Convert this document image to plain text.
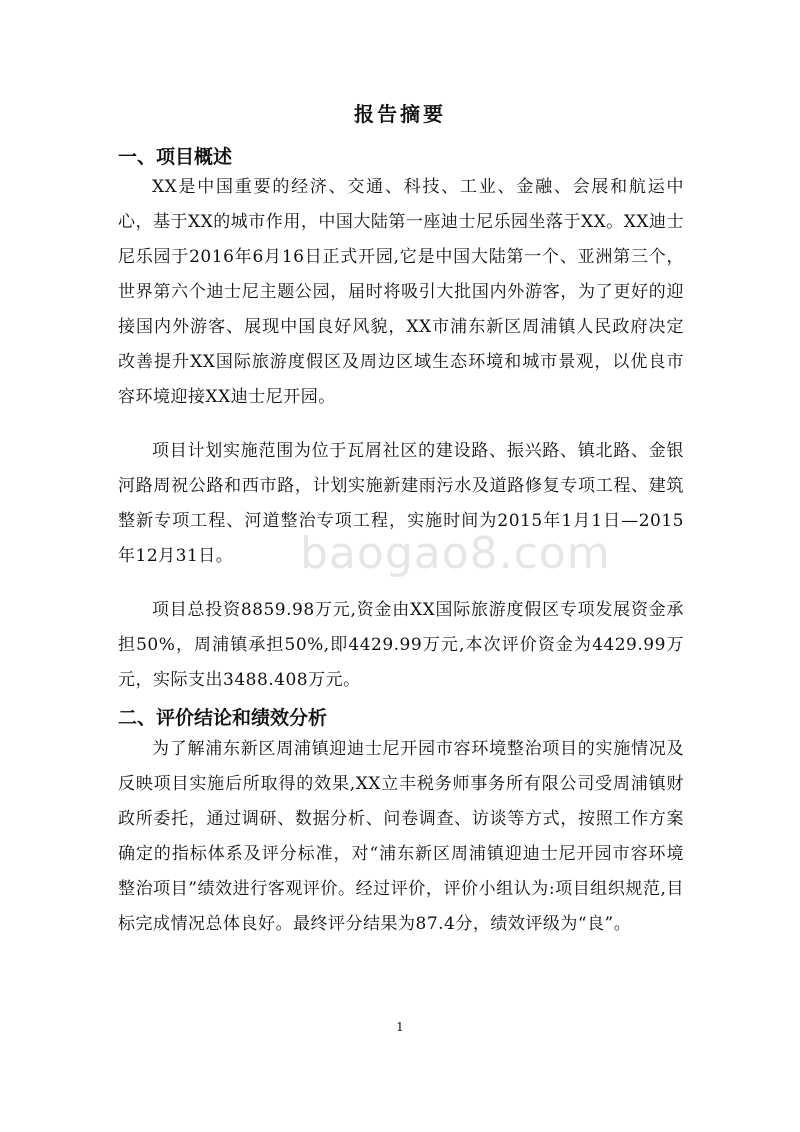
baogao8.com
报告摘要
一、项目概述

XX是中国重要的经济、交通、科技、工业、金融、会展和航运中心，基于XX的城市作用，中国大陆第一座迪士尼乐园坐落于XX。XX迪士尼乐园于2016年6月16日正式开园,它是中国大陆第一个、亚洲第三个，世界第六个迪士尼主题公园，届时将吸引大批国内外游客，为了更好的迎接国内外游客、展现中国良好风貌，XX市浦东新区周浦镇人民政府决定改善提升XX国际旅游度假区及周边区域生态环境和城市景观，以优良市容环境迎接XX迪士尼开园。

项目计划实施范围为位于瓦屑社区的建设路、振兴路、镇北路、金银河路周祝公路和西市路，计划实施新建雨污水及道路修复专项工程、建筑整新专项工程、河道整治专项工程，实施时间为2015年1月1日—2015年12月31日。

项目总投资8859.98万元,资金由XX国际旅游度假区专项发展资金承担50%，周浦镇承担50%,即4429.99万元,本次评价资金为4429.99万元，实际支出3488.408万元。

二、评价结论和绩效分析

为了解浦东新区周浦镇迎迪士尼开园市容环境整治项目的实施情况及反映项目实施后所取得的效果,XX立丰税务师事务所有限公司受周浦镇财政所委托，通过调研、数据分析、问卷调查、访谈等方式，按照工作方案确定的指标体系及评分标准，对“浦东新区周浦镇迎迪士尼开园市容环境整治项目”绩效进行客观评价。经过评价，评价小组认为:项目组织规范,目标完成情况总体良好。最终评分结果为87.4分，绩效评级为“良”。

1
